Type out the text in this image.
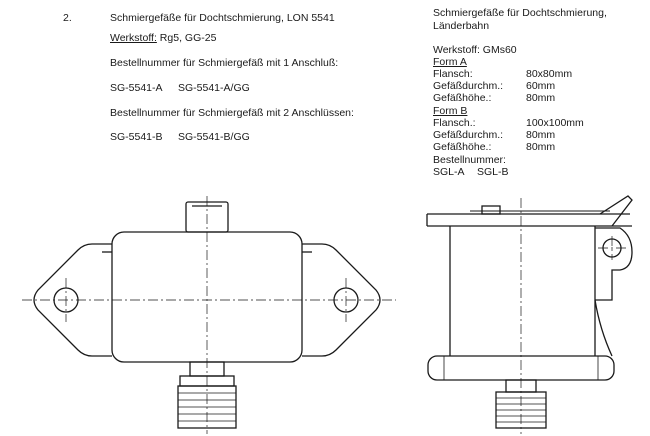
2.	Schmiergefäße für Dochtschmierung, LON 5541
Werkstoff: Rg5, GG-25
Bestellnummer für Schmiergefäß mit 1 Anschluß:
SG-5541-A SG-5541-A/GG
Bestellnummer für Schmiergefäß mit 2 Anschlüssen:
SG-5541-B SG-5541-B/GG
Schmiergefäße für Dochtschmierung,
Länderbahn
Werkstoff: GMs60
Form A
Flansch:	80x80mm
Gefäßdurchm.: 60mm
Gefäßhöhe.:	80mm
Form B
Flansch.:	100x100mm
Gefäßdurchm.: 80mm
Gefäßhöhe.:	80mm
Bestellnummer:
SGL-A SGL-B
